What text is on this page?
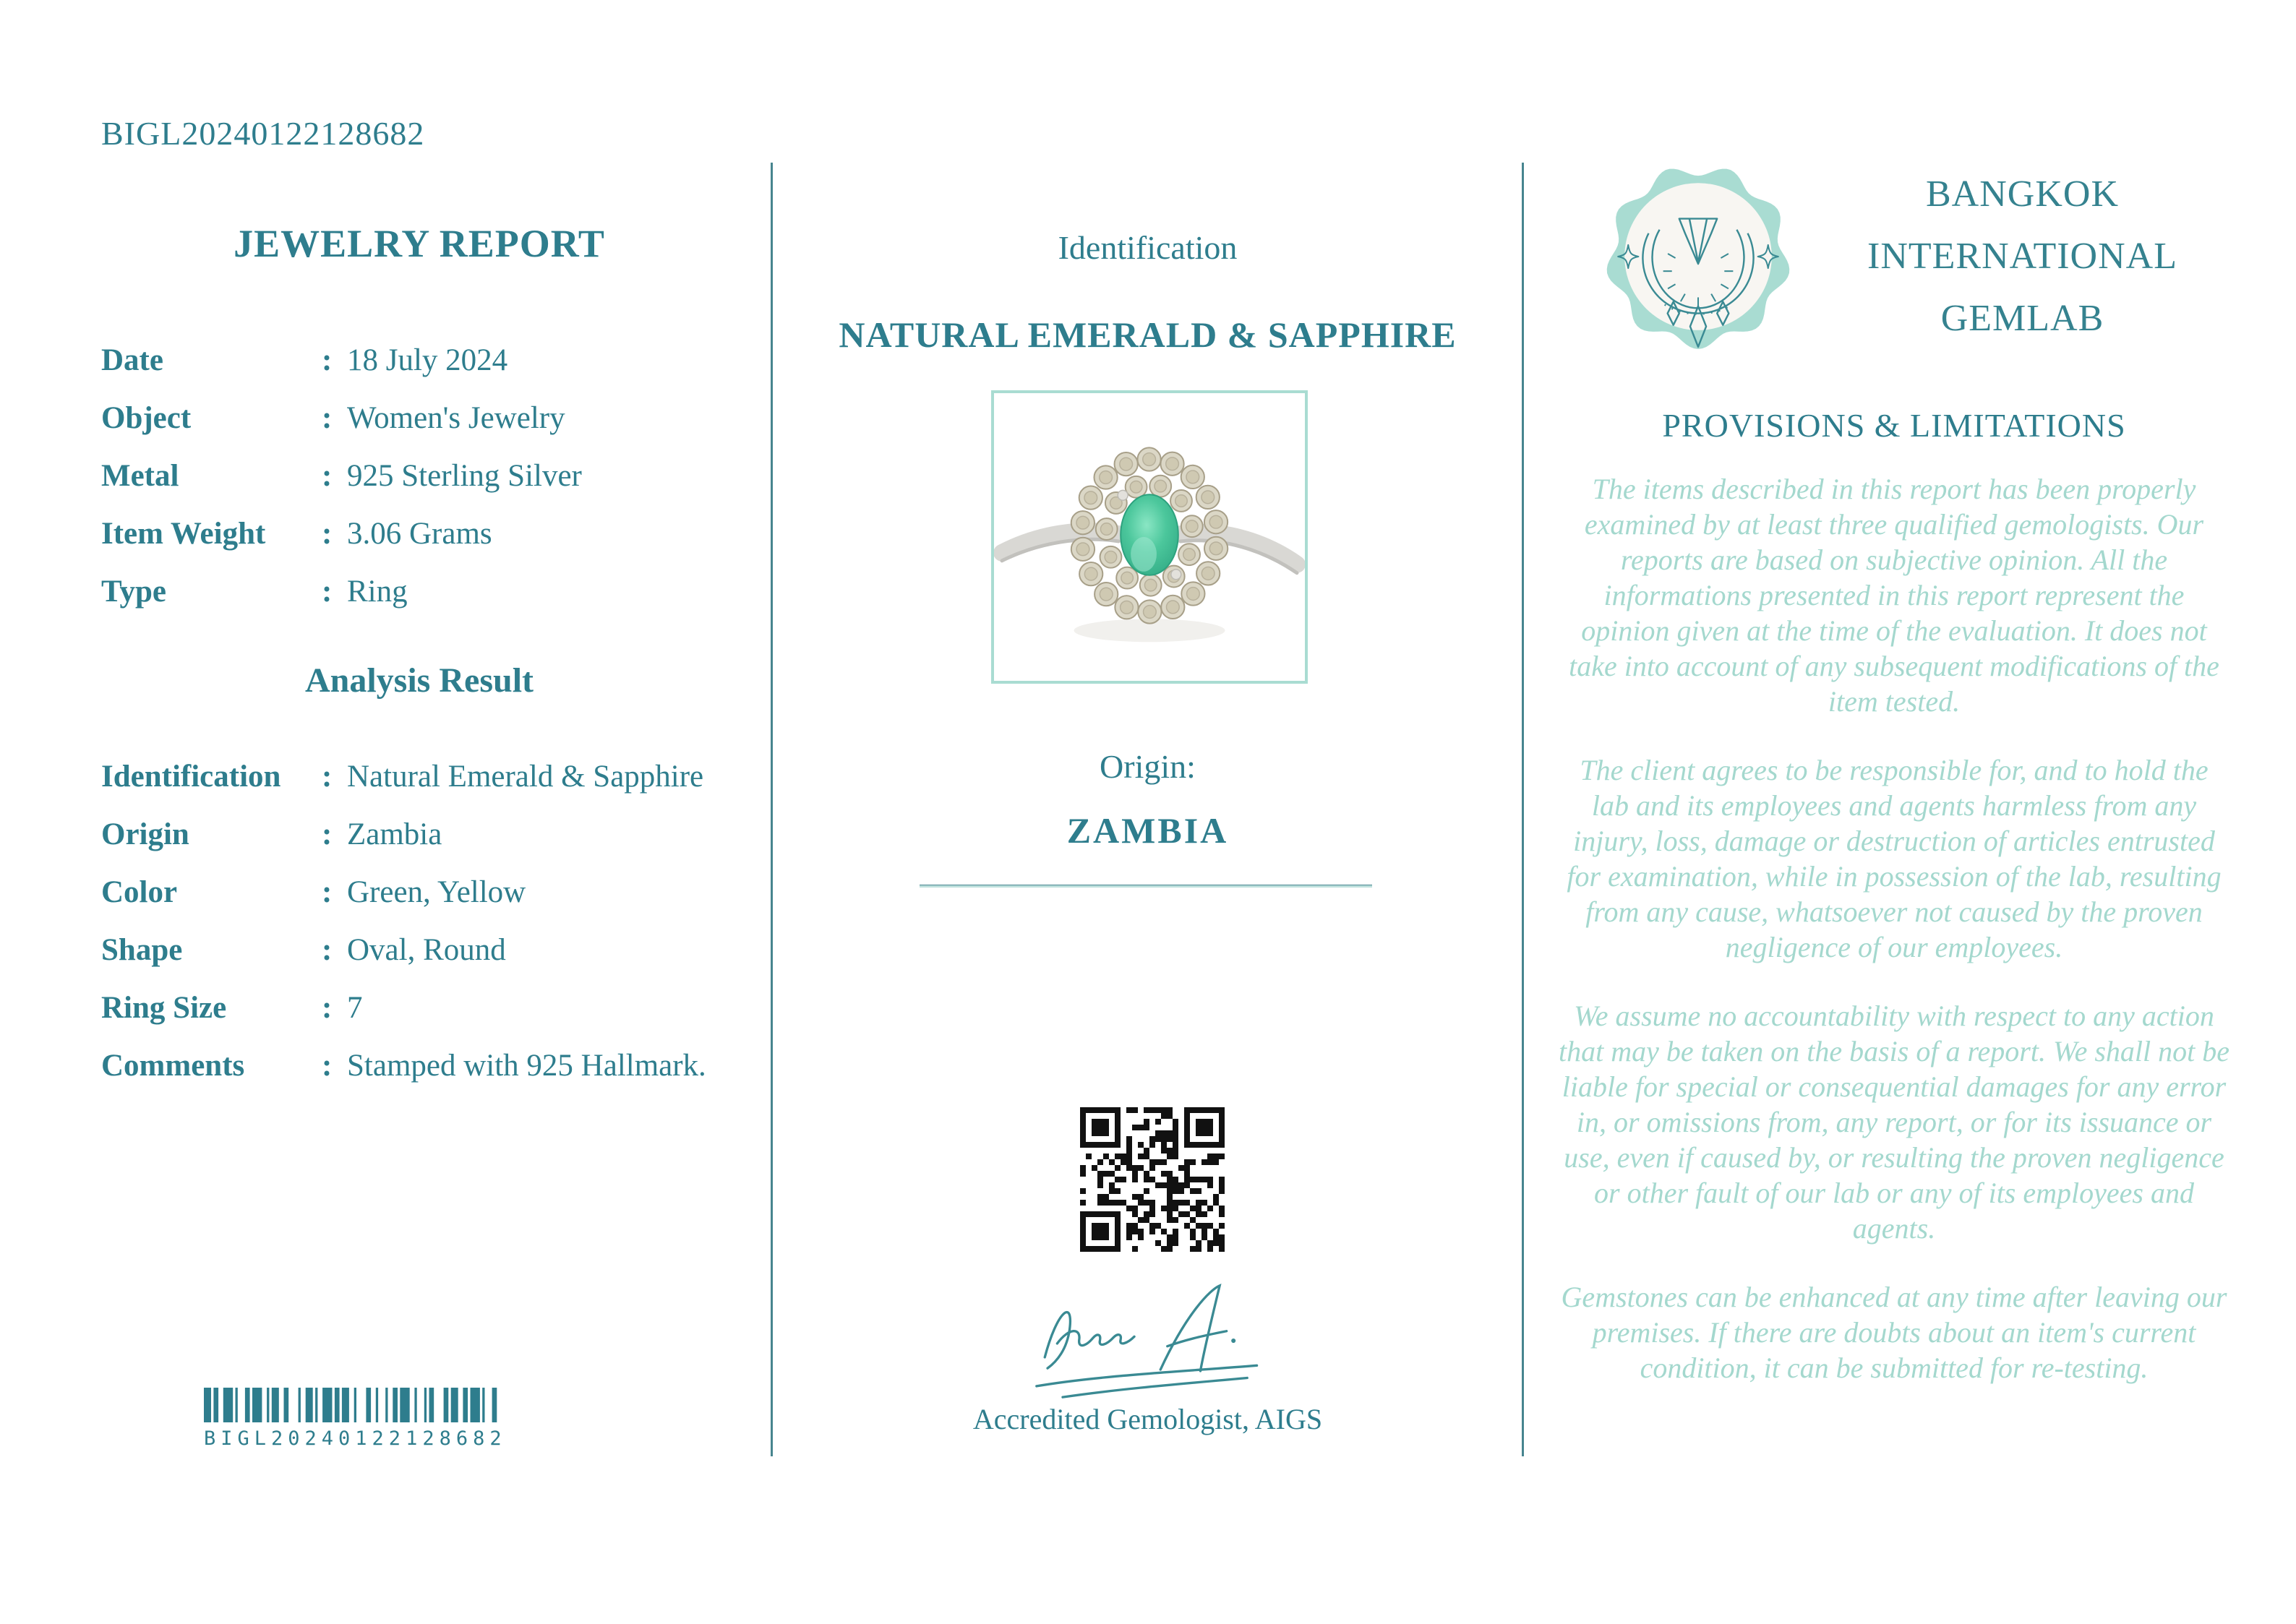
BIGL20240122128682
JEWELRY REPORT
Date	: 18 July 2024
Object	: Women's Jewelry
Metal	: 925 Sterling Silver
Item Weight	: 3.06 Grams
Type	: Ring
Analysis Result
Identification	: Natural Emerald & Sapphire
Origin	: Zambia
Color	: Green, Yellow
Shape	: Oval, Round
Ring Size	: 7
Comments	: Stamped with 925 Hallmark.
BIGL20240122128682
Identification
NATURAL EMERALD & SAPPHIRE
Origin:
ZAMBIA
Accredited Gemologist, AIGS
BANGKOK
INTERNATIONAL
GEMLAB
PROVISIONS & LIMITATIONS

The items described in this report has been properly examined by at least three qualified gemologists. Our reports are based on subjective opinion. All the informations presented in this report represent the opinion given at the time of the evaluation. It does not take into account of any subsequent modifications of the item tested.

The client agrees to be responsible for, and to hold the lab and its employees and agents harmless from any injury, loss, damage or destruction of articles entrusted for examination, while in possession of the lab, resulting from any cause, whatsoever not caused by the proven negligence of our employees.

We assume no accountability with respect to any action that may be taken on the basis of a report. We shall not be liable for special or consequential damages for any error in, or omissions from, any report, or for its issuance or use, even if caused by, or resulting the proven negligence or other fault of our lab or any of its employees and agents.

Gemstones can be enhanced at any time after leaving our premises. If there are doubts about an item's current condition, it can be submitted for re-testing.
